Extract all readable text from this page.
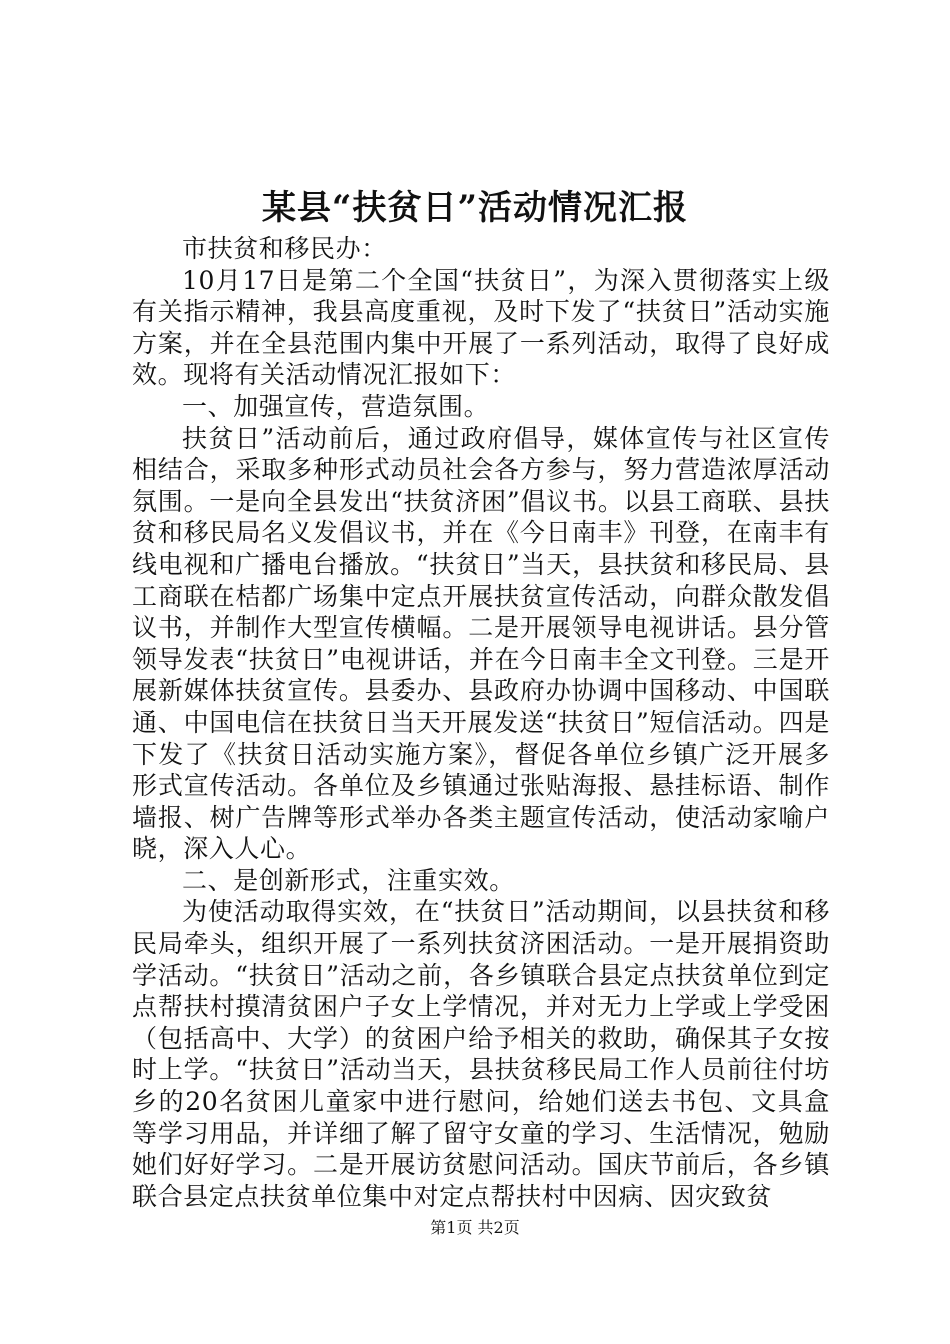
某县“扶贫日”活动情况汇报

市扶贫和移民办：

10月17日是第二个全国“扶贫日”，为深入贯彻落实上级有关指示精神，我县高度重视，及时下发了“扶贫日”活动实施方案，并在全县范围内集中开展了一系列活动，取得了良好成效。现将有关活动情况汇报如下：

一、加强宣传，营造氛围。

扶贫日”活动前后，通过政府倡导，媒体宣传与社区宣传相结合，采取多种形式动员社会各方参与，努力营造浓厚活动氛围。一是向全县发出“扶贫济困”倡议书。以县工商联、县扶贫和移民局名义发倡议书，并在《今日南丰》刊登，在南丰有线电视和广播电台播放。“扶贫日”当天，县扶贫和移民局、县工商联在桔都广场集中定点开展扶贫宣传活动，向群众散发倡议书，并制作大型宣传横幅。二是开展领导电视讲话。县分管领导发表“扶贫日”电视讲话，并在今日南丰全文刊登。三是开展新媒体扶贫宣传。县委办、县政府办协调中国移动、中国联通、中国电信在扶贫日当天开展发送“扶贫日”短信活动。四是下发了《扶贫日活动实施方案》，督促各单位乡镇广泛开展多形式宣传活动。各单位及乡镇通过张贴海报、悬挂标语、制作墙报、树广告牌等形式举办各类主题宣传活动，使活动家喻户晓，深入人心。

二、是创新形式，注重实效。

为使活动取得实效，在“扶贫日”活动期间，以县扶贫和移民局牵头，组织开展了一系列扶贫济困活动。一是开展捐资助学活动。“扶贫日”活动之前，各乡镇联合县定点扶贫单位到定点帮扶村摸清贫困户子女上学情况，并对无力上学或上学受困（包括高中、大学）的贫困户给予相关的救助，确保其子女按时上学。“扶贫日”活动当天，县扶贫移民局工作人员前往付坊乡的20名贫困儿童家中进行慰问，给她们送去书包、文具盒等学习用品，并详细了解了留守女童的学习、生活情况，勉励她们好好学习。二是开展访贫慰问活动。国庆节前后，各乡镇联合县定点扶贫单位集中对定点帮扶村中因病、因灾致贫

第1页 共2页
